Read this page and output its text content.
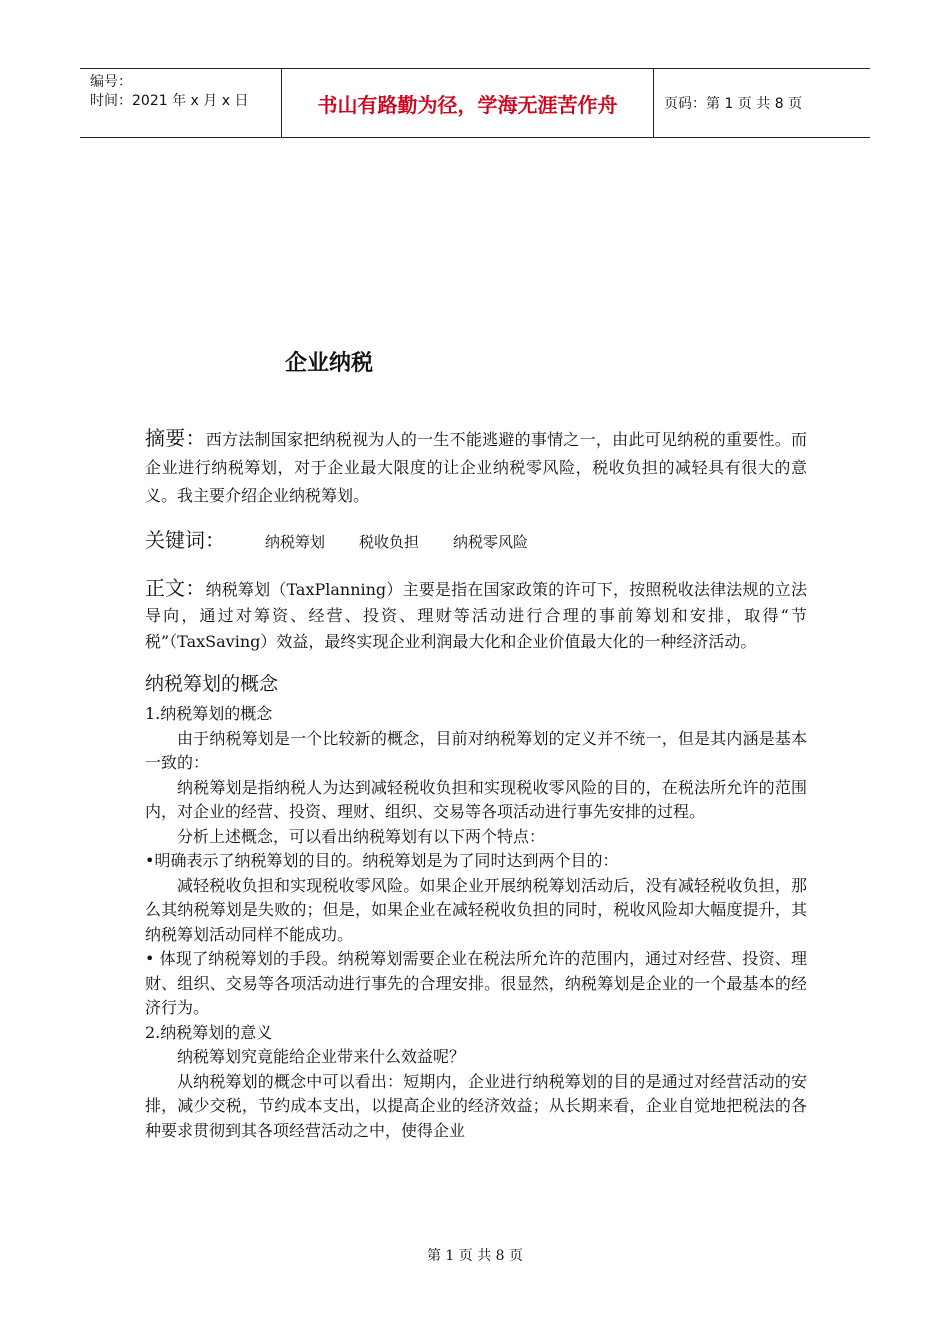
编号：
时间：2021 年 x 月 x 日	书山有路勤为径，学海无涯苦作舟	页码：第 1 页 共 8 页
企业纳税

摘要：西方法制国家把纳税视为人的一生不能逃避的事情之一，由此可见纳税的重要性。而企业进行纳税筹划，对于企业最大限度的让企业纳税零风险，税收负担的减轻具有很大的意义。我主要介绍企业纳税筹划。

关键词：	纳税筹划 税收负担 纳税零风险

正文：纳税筹划（TaxPlanning）主要是指在国家政策的许可下，按照税收法律法规的立法导向，通过对筹资、经营、投资、理财等活动进行合理的事前筹划和安排，取得“节税”（TaxSaving）效益，最终实现企业利润最大化和企业价值最大化的一种经济活动。

纳税筹划的概念

1.纳税筹划的概念

由于纳税筹划是一个比较新的概念，目前对纳税筹划的定义并不统一，但是其内涵是基本一致的：

纳税筹划是指纳税人为达到减轻税收负担和实现税收零风险的目的，在税法所允许的范围内，对企业的经营、投资、理财、组织、交易等各项活动进行事先安排的过程。

分析上述概念，可以看出纳税筹划有以下两个特点：

•明确表示了纳税筹划的目的。纳税筹划是为了同时达到两个目的：

减轻税收负担和实现税收零风险。如果企业开展纳税筹划活动后，没有减轻税收负担，那么其纳税筹划是失败的；但是，如果企业在减轻税收负担的同时，税收风险却大幅度提升，其纳税筹划活动同样不能成功。

• 体现了纳税筹划的手段。纳税筹划需要企业在税法所允许的范围内，通过对经营、投资、理财、组织、交易等各项活动进行事先的合理安排。很显然，纳税筹划是企业的一个最基本的经济行为。

2.纳税筹划的意义

纳税筹划究竟能给企业带来什么效益呢？

从纳税筹划的概念中可以看出：短期内，企业进行纳税筹划的目的是通过对经营活动的安排，减少交税，节约成本支出，以提高企业的经济效益；从长期来看，企业自觉地把税法的各种要求贯彻到其各项经营活动之中，使得企业

第 1 页 共 8 页
